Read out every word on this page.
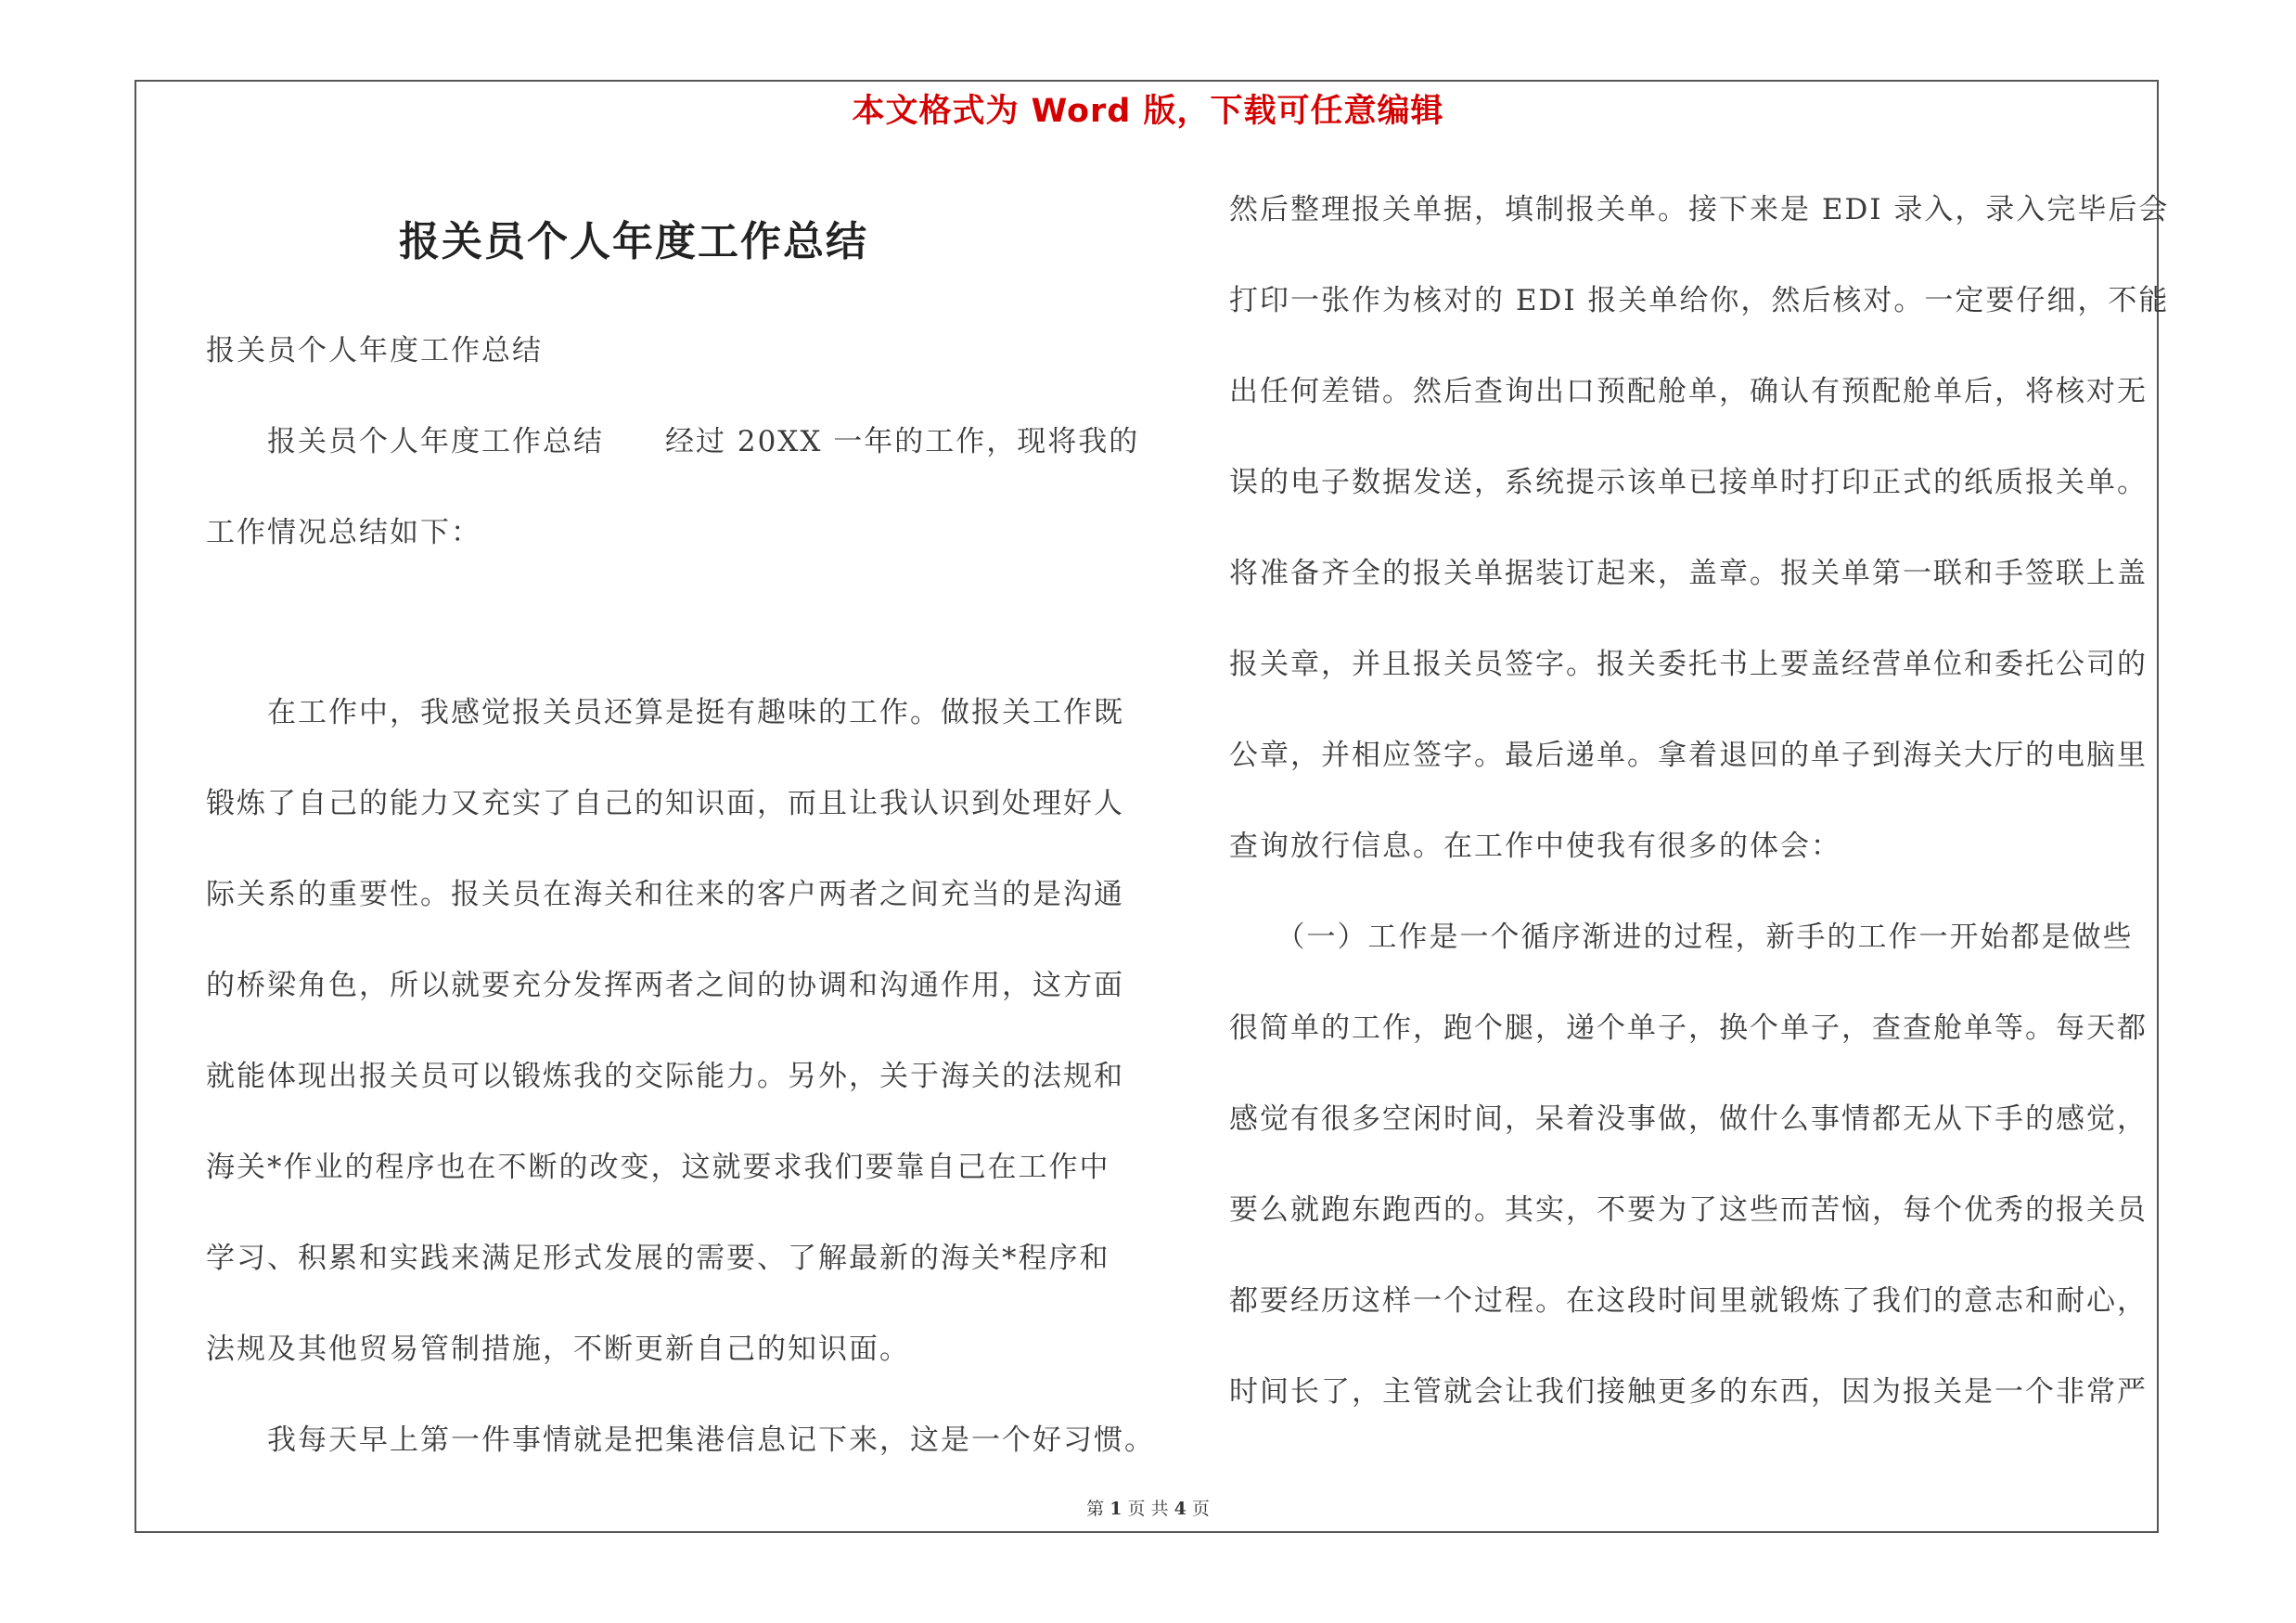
本文格式为 Word 版，下载可任意编辑
报关员个人年度工作总结
报关员个人年度工作总结
　　报关员个人年度工作总结　　经过 20XX 一年的工作，现将我的
工作情况总结如下：
　　在工作中，我感觉报关员还算是挺有趣味的工作。做报关工作既
锻炼了自己的能力又充实了自己的知识面，而且让我认识到处理好人
际关系的重要性。报关员在海关和往来的客户两者之间充当的是沟通
的桥梁角色，所以就要充分发挥两者之间的协调和沟通作用，这方面
就能体现出报关员可以锻炼我的交际能力。另外，关于海关的法规和
海关*作业的程序也在不断的改变，这就要求我们要靠自己在工作中
学习、积累和实践来满足形式发展的需要、了解最新的海关*程序和
法规及其他贸易管制措施，不断更新自己的知识面。
　　我每天早上第一件事情就是把集港信息记下来，这是一个好习惯。
然后整理报关单据，填制报关单。接下来是 EDI 录入，录入完毕后会
打印一张作为核对的 EDI 报关单给你，然后核对。一定要仔细，不能
出任何差错。然后查询出口预配舱单，确认有预配舱单后，将核对无
误的电子数据发送，系统提示该单已接单时打印正式的纸质报关单。
将准备齐全的报关单据装订起来，盖章。报关单第一联和手签联上盖
报关章，并且报关员签字。报关委托书上要盖经营单位和委托公司的
公章，并相应签字。最后递单。拿着退回的单子到海关大厅的电脑里
查询放行信息。在工作中使我有很多的体会：
　　（一）工作是一个循序渐进的过程，新手的工作一开始都是做些
很简单的工作，跑个腿，递个单子，换个单子，查查舱单等。每天都
感觉有很多空闲时间，呆着没事做，做什么事情都无从下手的感觉，
要么就跑东跑西的。其实，不要为了这些而苦恼，每个优秀的报关员
都要经历这样一个过程。在这段时间里就锻炼了我们的意志和耐心，
时间长了，主管就会让我们接触更多的东西，因为报关是一个非常严
第 1 页 共 4 页
